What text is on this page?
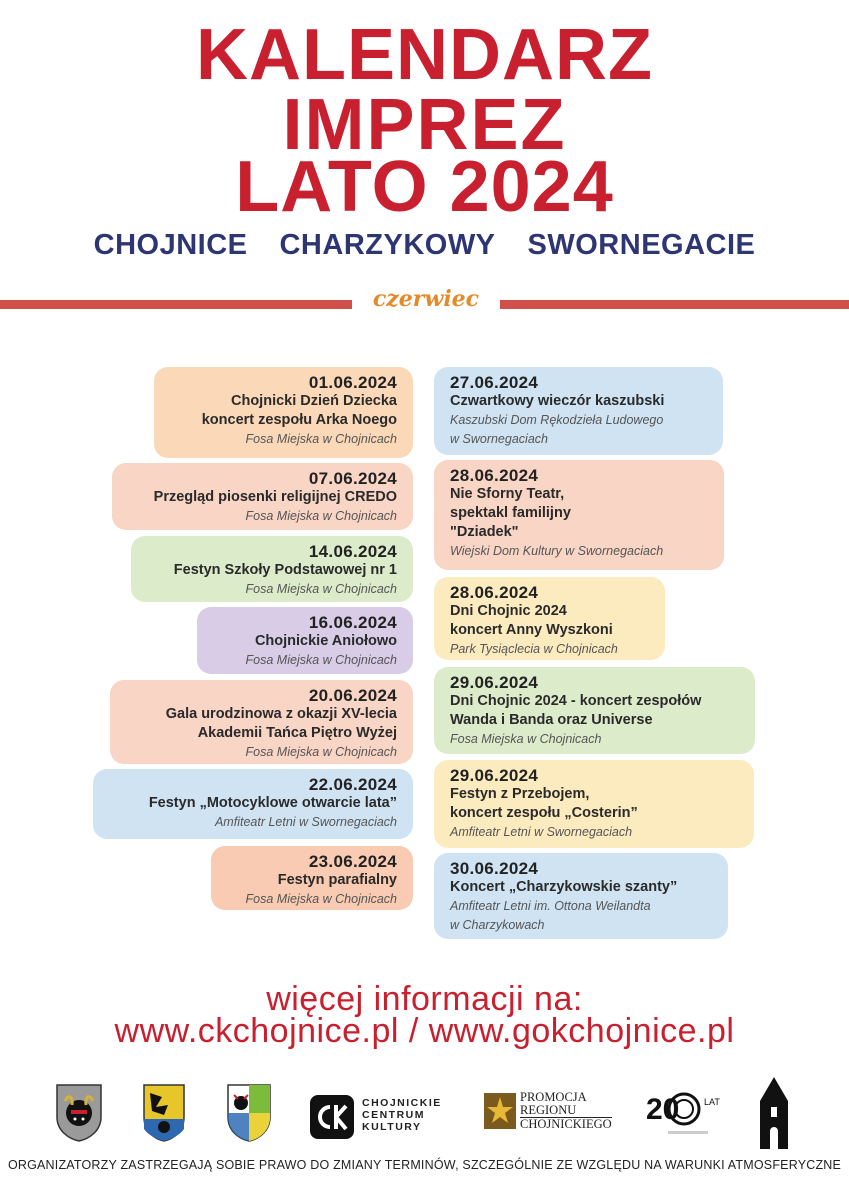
KALENDARZ
IMPREZ
LATO 2024
CHOJNICE CHARZYKOWY SWORNEGACIE
czerwiec
01.06.2024
Chojnicki Dzień Dziecka
koncert zespołu Arka Noego
Fosa Miejska w Chojnicach
07.06.2024
Przegląd piosenki religijnej CREDO
Fosa Miejska w Chojnicach
14.06.2024
Festyn Szkoły Podstawowej nr 1
Fosa Miejska w Chojnicach
16.06.2024
Chojnickie Aniołowo
Fosa Miejska w Chojnicach
20.06.2024
Gala urodzinowa z okazji XV-lecia
Akademii Tańca Piętro Wyżej
Fosa Miejska w Chojnicach
22.06.2024
Festyn „Motocyklowe otwarcie lata”
Amfiteatr Letni w Swornegaciach
23.06.2024
Festyn parafialny
Fosa Miejska w Chojnicach
27.06.2024
Czwartkowy wieczór kaszubski
Kaszubski Dom Rękodzieła Ludowego
w Swornegaciach
28.06.2024
Nie Sforny Teatr,
spektakl familijny
"Dziadek"
Wiejski Dom Kultury w Swornegaciach
28.06.2024
Dni Chojnic 2024
koncert Anny Wyszkoni
Park Tysiąclecia w Chojnicach
29.06.2024
Dni Chojnic 2024 - koncert zespołów
Wanda i Banda oraz Universe
Fosa Miejska w Chojnicach
29.06.2024
Festyn z Przebojem,
koncert zespołu „Costerin”
Amfiteatr Letni w Swornegaciach
30.06.2024
Koncert „Charzykowskie szanty”
Amfiteatr Letni im. Ottona Weilandta
w Charzykowach
więcej informacji na:
www.ckchojnice.pl / www.gokchojnice.pl
CHOJNICKIE
CENTRUM
KULTURY
PROMOCJA
REGIONU
CHOJNICKIEGO 20	LAT
ORGANIZATORZY ZASTRZEGAJĄ SOBIE PRAWO DO ZMIANY TERMINÓW, SZCZEGÓLNIE ZE WZGLĘDU NA WARUNKI ATMOSFERYCZNE
